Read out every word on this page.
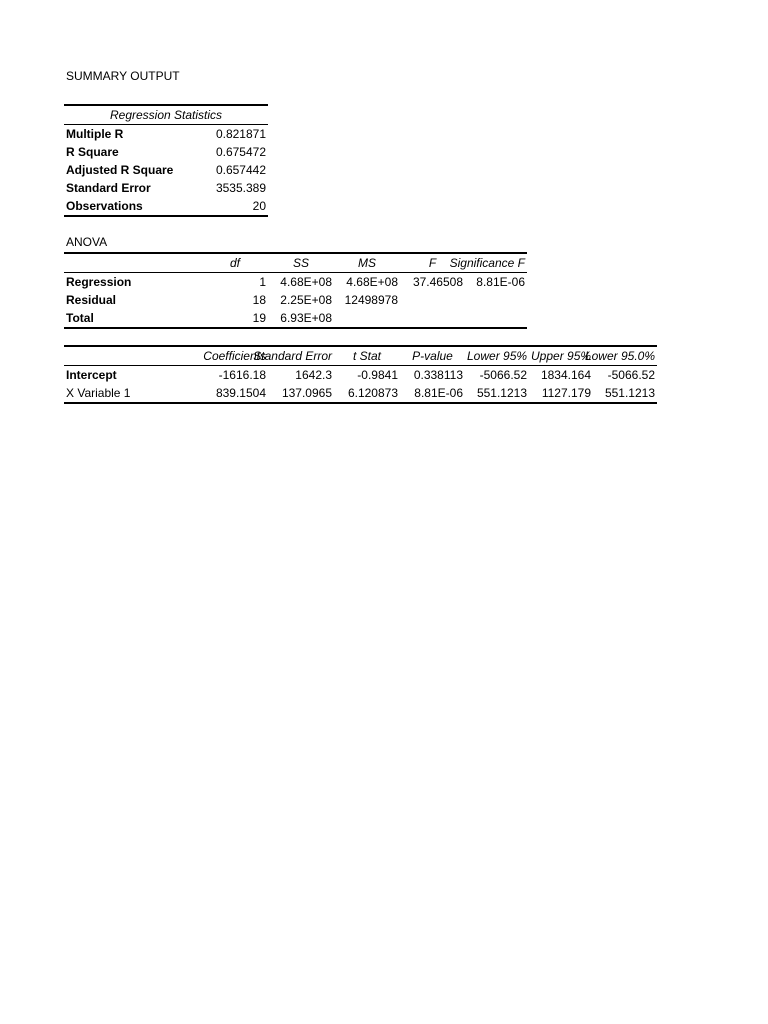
SUMMARY OUTPUT
Regression Statistics	
Multiple R	0.821871
R Square	0.675472
Adjusted R Square	0.657442
Standard Error	3535.389
Observations	20
ANOVA
	df	SS	MS	F	Significance F
Regression	1	4.68E+08	4.68E+08	37.46508	8.81E-06
Residual	18	2.25E+08	12498978		
Total	19	6.93E+08			
	Coefficients	Standard Error	t Stat	P-value	Lower 95%	Upper 95%	Lower 95.0%
Intercept	-1616.18	1642.3	-0.9841	0.338113	-5066.52	1834.164	-5066.52
X Variable 1	839.1504	137.0965	6.120873	8.81E-06	551.1213	1127.179	551.1213
